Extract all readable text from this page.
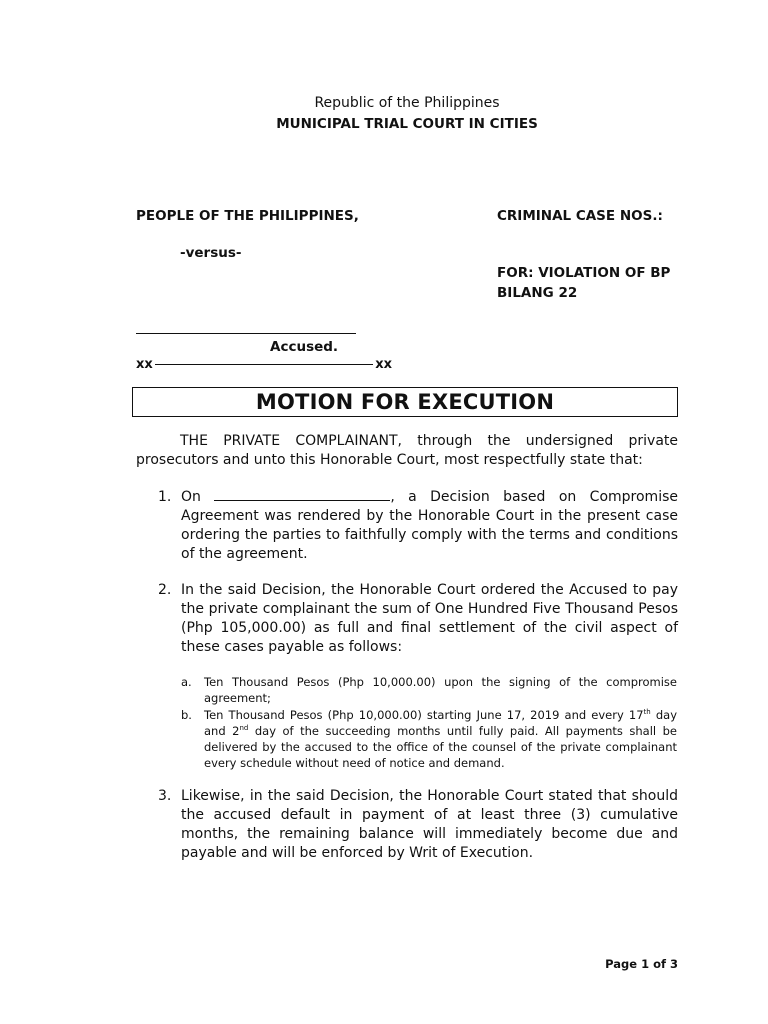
Republic of the Philippines
MUNICIPAL TRIAL COURT IN CITIES
PEOPLE OF THE PHILIPPINES,
-versus-
CRIMINAL CASE NOS.:
FOR: VIOLATION OF BP
BILANG 22
Accused.
xx	xx
MOTION FOR EXECUTION
THE PRIVATE COMPLAINANT, through the undersigned private prosecutors and unto this Honorable Court, most respectfully state that:
1. On	, a Decision based on Compromise Agreement was rendered by the Honorable Court in the present case ordering the parties to faithfully comply with the terms and conditions of the agreement.
2. In the said Decision, the Honorable Court ordered the Accused to pay the private complainant the sum of One Hundred Five Thousand Pesos (Php 105,000.00) as full and final settlement of the civil aspect of these cases payable as follows:
a. Ten Thousand Pesos (Php 10,000.00) upon the signing of the compromise agreement;
b. Ten Thousand Pesos (Php 10,000.00) starting June 17, 2019 and every 17th day and 2nd day of the succeeding months until fully paid. All payments shall be delivered by the accused to the office of the counsel of the private complainant every schedule without need of notice and demand.
3. Likewise, in the said Decision, the Honorable Court stated that should the accused default in payment of at least three (3) cumulative months, the remaining balance will immediately become due and payable and will be enforced by Writ of Execution.
Page 1 of 3
